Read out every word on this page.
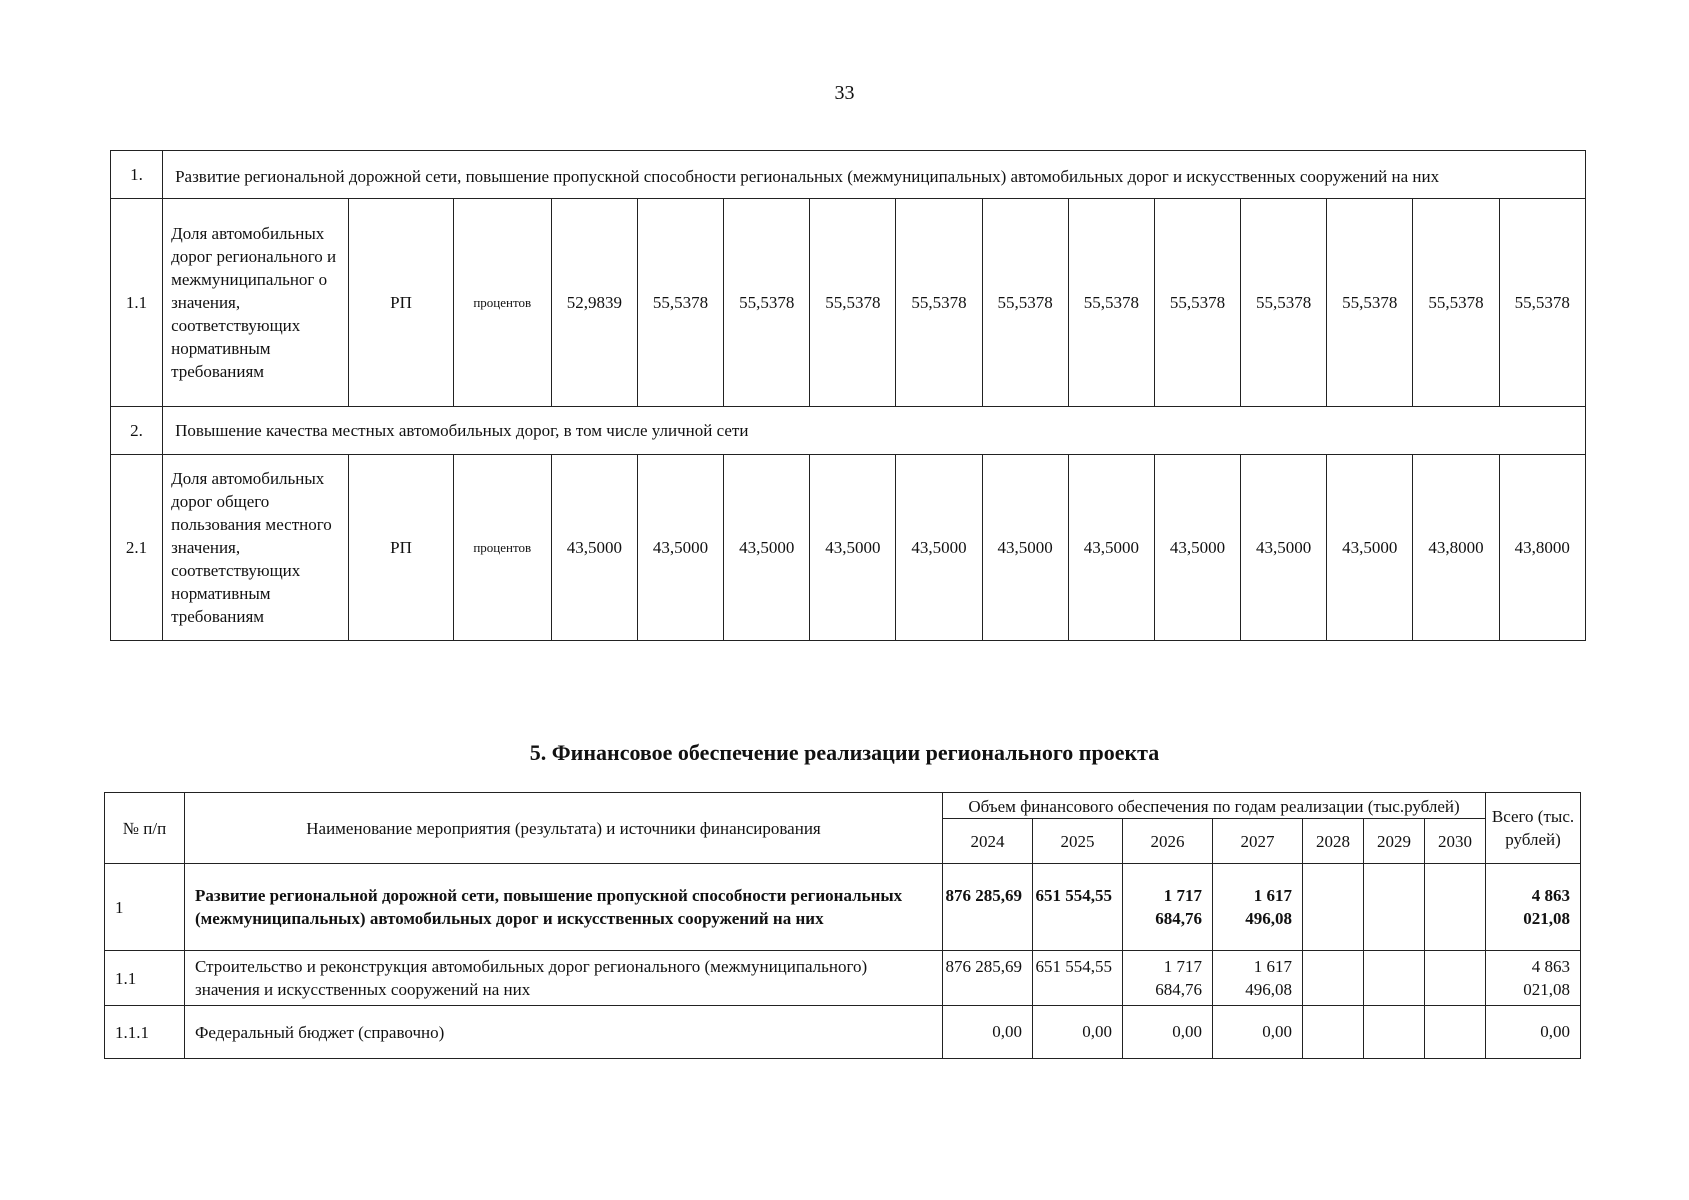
33
1.	Развитие региональной дорожной сети, повышение пропускной способности региональных (межмуниципальных) автомобильных дорог и искусственных сооружений на них														
1.1	Доля автомобильных дорог регионального и межмуниципальног о значения, соответствующих нормативным требованиям	РП	процентов	52,9839	55,5378	55,5378	55,5378	55,5378	55,5378	55,5378	55,5378	55,5378	55,5378	55,5378	55,5378
2.	Повышение качества местных автомобильных дорог, в том числе уличной сети														
2.1	Доля автомобильных дорог общего пользования местного значения, соответствующих нормативным требованиям	РП	процентов	43,5000	43,5000	43,5000	43,5000	43,5000	43,5000	43,5000	43,5000	43,5000	43,5000	43,8000	43,8000
5. Финансовое обеспечение реализации регионального проекта
№ п/п	Наименование мероприятия (результата) и источники финансирования	Объем финансового обеспечения по годам реализации (тыс.рублей)							Всего (тыс. рублей)
		2024	2025	2026	2027	2028	2029	2030	
1	Развитие региональной дорожной сети, повышение пропускной способности региональных (межмуниципальных) автомобильных дорог и искусственных сооружений на них	876 285,69	651 554,55	1 717 684,76	1 617 496,08				4 863 021,08
1.1	Строительство и реконструкция автомобильных дорог регионального (межмуниципального) значения и искусственных сооружений на них	876 285,69	651 554,55	1 717 684,76	1 617 496,08				4 863 021,08
1.1.1	Федеральный бюджет (справочно)	0,00	0,00	0,00	0,00				0,00
